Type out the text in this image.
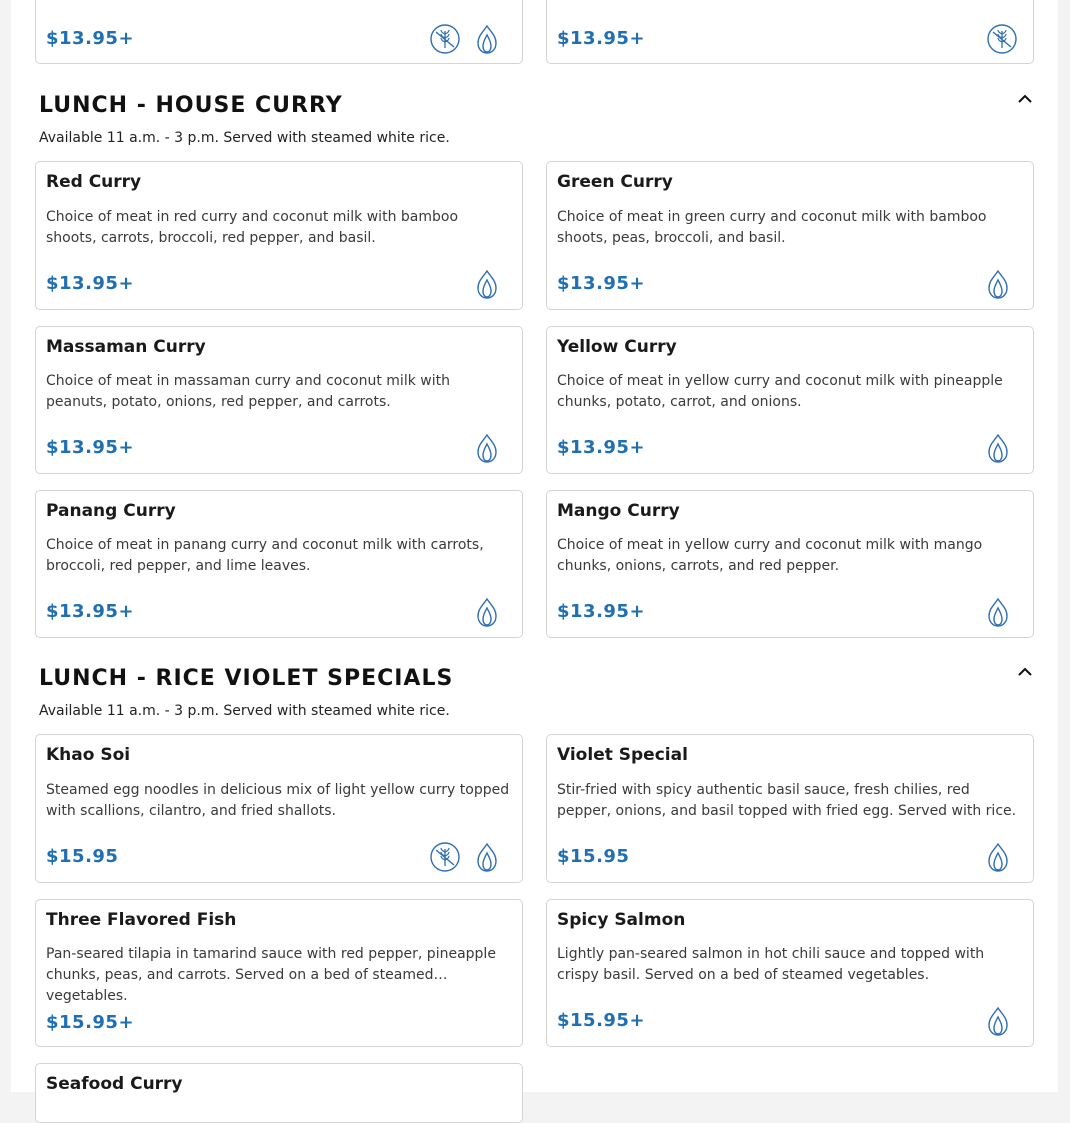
$13.95+	$13.95+
LUNCH - HOUSE CURRY
Available 11 a.m. - 3 p.m. Served with steamed white rice.
Red Curry
Choice of meat in red curry and coconut milk with bamboo shoots, carrots, broccoli, red pepper, and basil.
$13.95+
Green Curry
Choice of meat in green curry and coconut milk with bamboo shoots, peas, broccoli, and basil.
$13.95+
Massaman Curry
Choice of meat in massaman curry and coconut milk with peanuts, potato, onions, red pepper, and carrots.
$13.95+
Yellow Curry
Choice of meat in yellow curry and coconut milk with pineapple chunks, potato, carrot, and onions.
$13.95+
Panang Curry
Choice of meat in panang curry and coconut milk with carrots, broccoli, red pepper, and lime leaves.
$13.95+
Mango Curry
Choice of meat in yellow curry and coconut milk with mango chunks, onions, carrots, and red pepper.
$13.95+
LUNCH - RICE VIOLET SPECIALS
Available 11 a.m. - 3 p.m. Served with steamed white rice.
Khao Soi
Steamed egg noodles in delicious mix of light yellow curry topped with scallions, cilantro, and fried shallots.
$15.95
Violet Special
Stir-fried with spicy authentic basil sauce, fresh chilies, red pepper, onions, and basil topped with fried egg. Served with rice.
$15.95
Three Flavored Fish
Pan-seared tilapia in tamarind sauce with red pepper, pineapple chunks, peas, and carrots. Served on a bed of steamed vegetables.
$15.95+
Spicy Salmon
Lightly pan-seared salmon in hot chili sauce and topped with crispy basil. Served on a bed of steamed vegetables.
$15.95+
Seafood Curry
